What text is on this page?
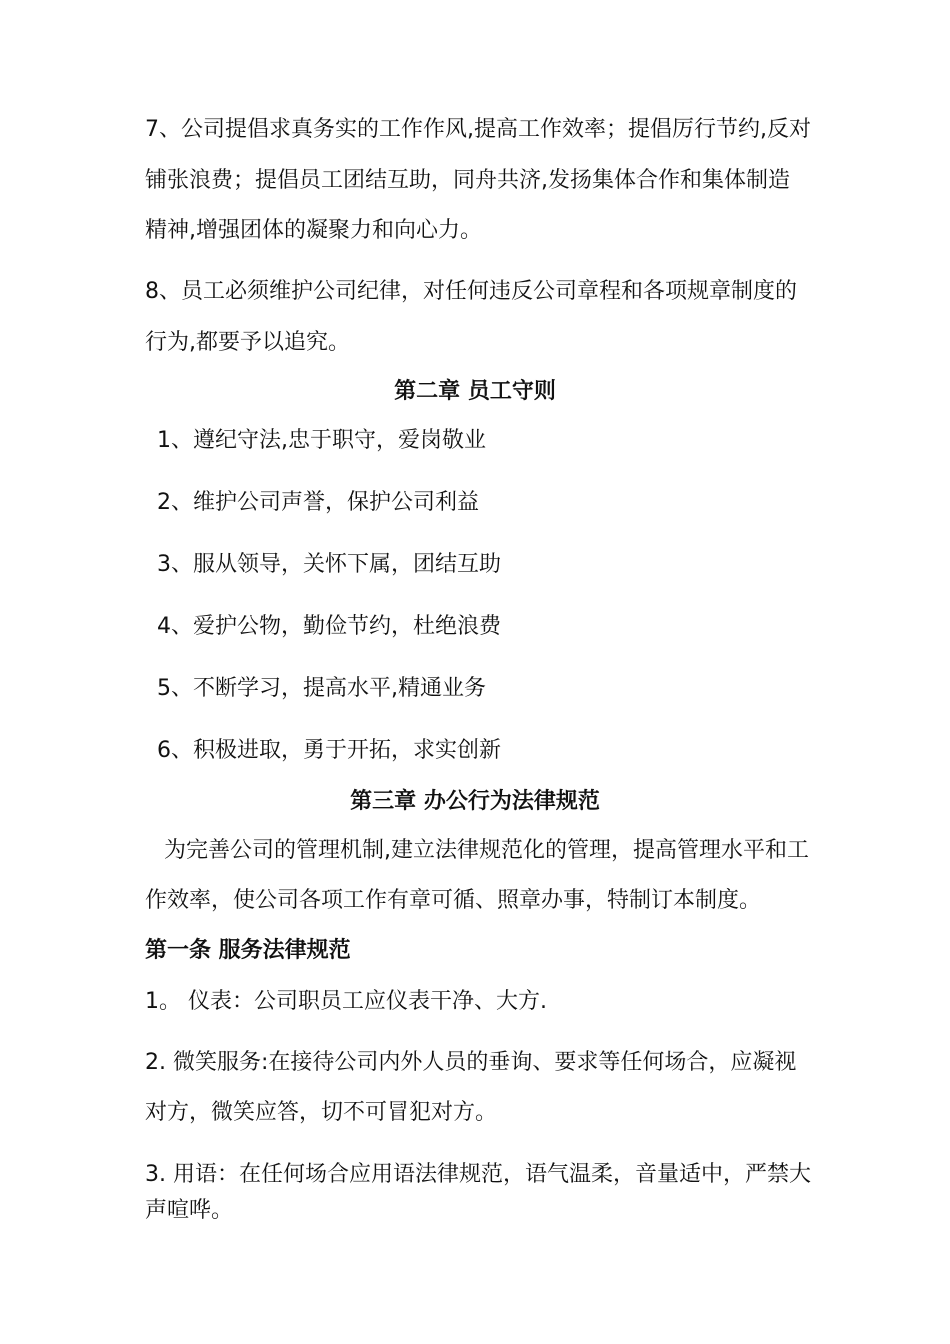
7、公司提倡求真务实的工作作风,提高工作效率；提倡厉行节约,反对

铺张浪费；提倡员工团结互助，同舟共济,发扬集体合作和集体制造

精神,增强团体的凝聚力和向心力。

8、员工必须维护公司纪律，对任何违反公司章程和各项规章制度的

行为,都要予以追究。

第二章 员工守则

1、遵纪守法,忠于职守，爱岗敬业

2、维护公司声誉，保护公司利益

3、服从领导，关怀下属，团结互助

4、爱护公物，勤俭节约，杜绝浪费

5、不断学习，提高水平,精通业务

6、积极进取，勇于开拓，求实创新

第三章 办公行为法律规范

为完善公司的管理机制,建立法律规范化的管理，提高管理水平和工

作效率，使公司各项工作有章可循、照章办事，特制订本制度。

第一条 服务法律规范

1。 仪表：公司职员工应仪表干净、大方.

2. 微笑服务:在接待公司内外人员的垂询、要求等任何场合，应凝视

对方，微笑应答，切不可冒犯对方。

3. 用语：在任何场合应用语法律规范，语气温柔，音量适中，严禁大

声喧哗。
